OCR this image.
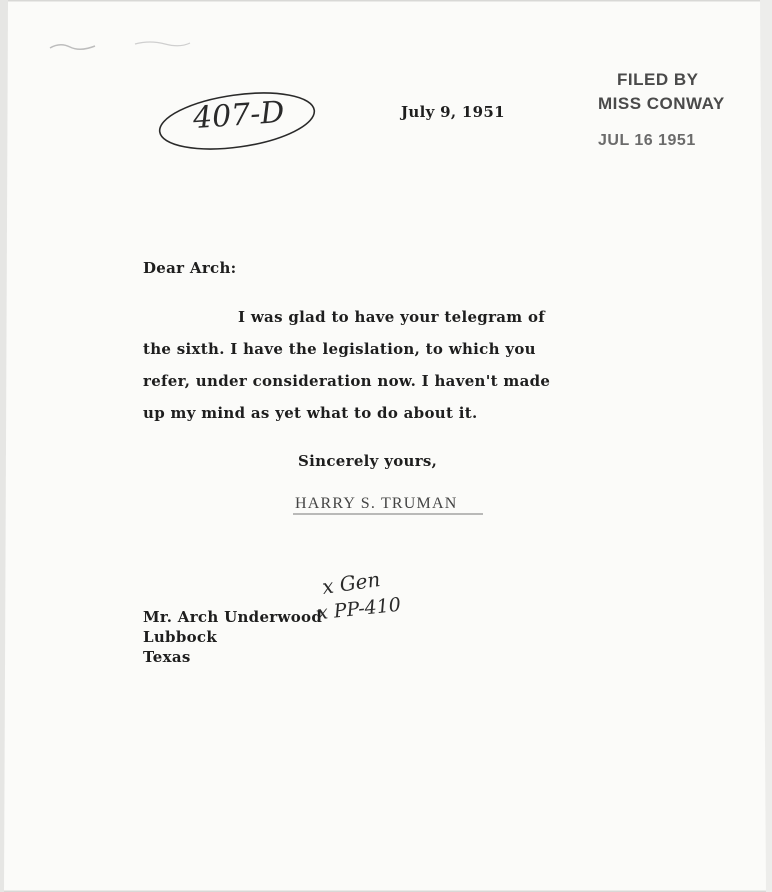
407-D	July 9, 1951
FILED BY
MISS CONWAY
JUL 16 1951
Dear Arch:
I was glad to have your telegram of
the sixth. I have the legislation, to which you
refer, under consideration now. I haven't made
up my mind as yet what to do about it.
Sincerely yours,
HARRY S. TRUMAN
Mr. Arch Underwood
Lubbock
Texas
x Gen
x PP-410
